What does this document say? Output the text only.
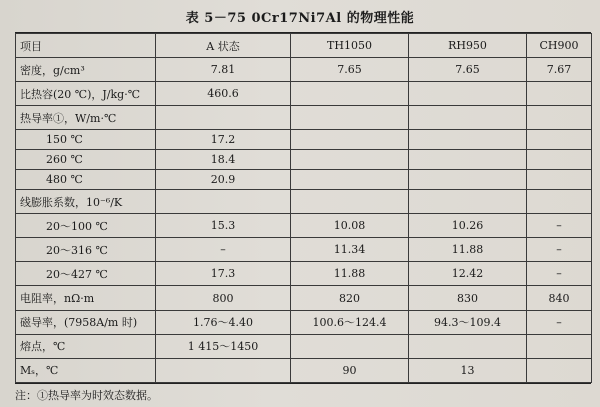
表 5－75 0Cr17Ni7Al 的物理性能
项目	A 状态	TH1050	RH950	CH900
密度，g/cm³	7.81	7.65	7.65	7.67
比热容(20 ℃)，J/kg·℃	460.6			
热导率①，W/m·℃				
150 ℃	17.2			
260 ℃	18.4			
480 ℃	20.9			
线膨胀系数，10⁻⁶/K				
20～100 ℃	15.3	10.08	10.26	–
20～316 ℃	–	11.34	11.88	–
20～427 ℃	17.3	11.88	12.42	–
电阻率，nΩ·m	800	820	830	840
磁导率，(7958A/m 时)	1.76～4.40	100.6～124.4	94.3～109.4	–
熔点，℃	1 415～1450			
Mₛ，℃		90	13	
注：①热导率为时效态数据。
